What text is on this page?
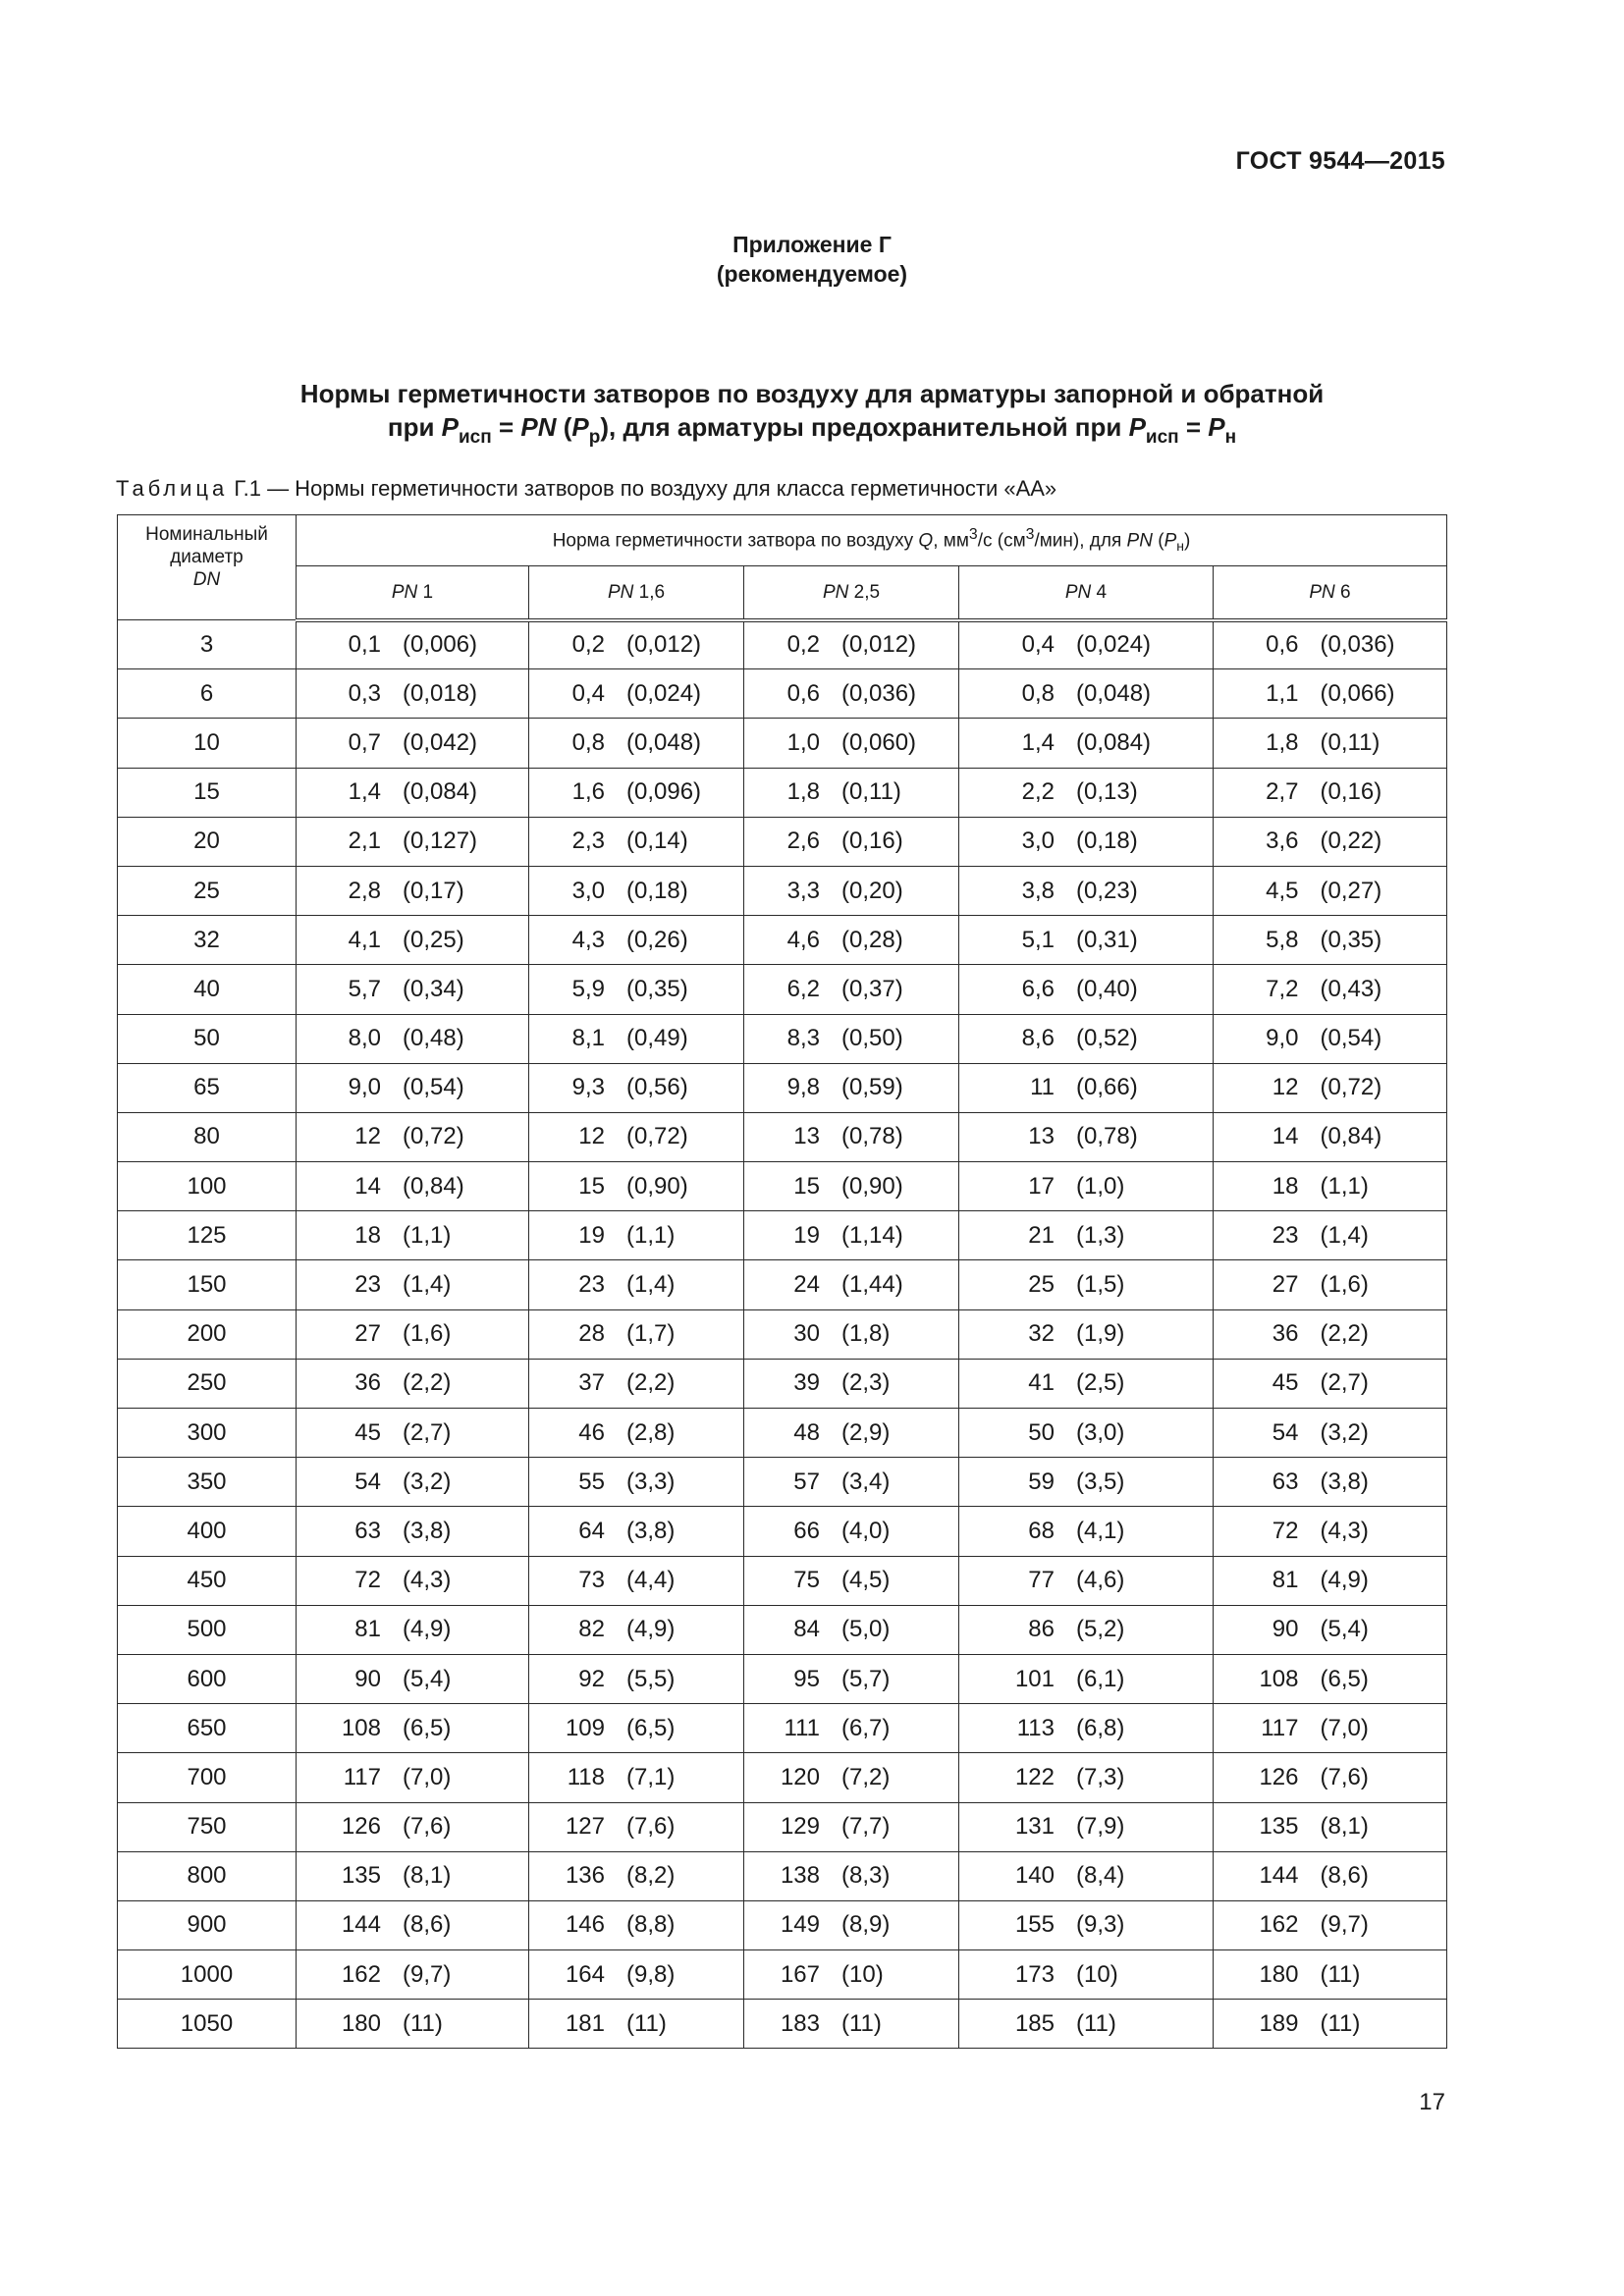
ГОСТ 9544—2015
Приложение Г
(рекомендуемое)
Нормы герметичности затворов по воздуху для арматуры запорной и обратной
при $P_{исп}$ = PN $(P_р)$, для арматуры предохранительной при $P_{исп} = P_н$
Таблица Г.1 — Нормы герметичности затворов по воздуху для класса герметичности «АА»
Номинальный
диаметр
DN	Норма герметичности затвора по воздуху Q, $мм^3/с$ $(см^3/мин)$, для PN $(P_н)$				
	PN 1	PN 1,6	PN 2,5	PN 4	PN 6
3	0,1 (0,006)	0,2 (0,012)	0,2 (0,012)	0,4 (0,024)	0,6 (0,036)

6	0,3 (0,018)	0,4 (0,024)	0,6 (0,036)	0,8 (0,048)	1,1 (0,066)

10	0,7 (0,042)	0,8 (0,048)	1,0 (0,060)	1,4 (0,084)	1,8 (0,11)

15	1,4 (0,084)	1,6 (0,096)	1,8 (0,11)	2,2 (0,13)	2,7 (0,16)

20	2,1 (0,127)	2,3 (0,14)	2,6 (0,16)	3,0 (0,18)	3,6 (0,22)

25	2,8 (0,17)	3,0 (0,18)	3,3 (0,20)	3,8 (0,23)	4,5 (0,27)

32	4,1 (0,25)	4,3 (0,26)	4,6 (0,28)	5,1 (0,31)	5,8 (0,35)

40	5,7 (0,34)	5,9 (0,35)	6,2 (0,37)	6,6 (0,40)	7,2 (0,43)

50	8,0 (0,48)	8,1 (0,49)	8,3 (0,50)	8,6 (0,52)	9,0 (0,54)

65	9,0 (0,54)	9,3 (0,56)	9,8 (0,59)	11 (0,66)	12 (0,72)

80	12 (0,72)	12 (0,72)	13 (0,78)	13 (0,78)	14 (0,84)

100	14 (0,84)	15 (0,90)	15 (0,90)	17 (1,0)	18 (1,1)

125	18 (1,1)	19 (1,1)	19 (1,14)	21 (1,3)	23 (1,4)

150	23 (1,4)	23 (1,4)	24 (1,44)	25 (1,5)	27 (1,6)

200	27 (1,6)	28 (1,7)	30 (1,8)	32 (1,9)	36 (2,2)

250	36 (2,2)	37 (2,2)	39 (2,3)	41 (2,5)	45 (2,7)

300	45 (2,7)	46 (2,8)	48 (2,9)	50 (3,0)	54 (3,2)

350	54 (3,2)	55 (3,3)	57 (3,4)	59 (3,5)	63 (3,8)

400	63 (3,8)	64 (3,8)	66 (4,0)	68 (4,1)	72 (4,3)

450	72 (4,3)	73 (4,4)	75 (4,5)	77 (4,6)	81 (4,9)

500	81 (4,9)	82 (4,9)	84 (5,0)	86 (5,2)	90 (5,4)

600	90 (5,4)	92 (5,5)	95 (5,7)	101 (6,1)	108 (6,5)

650	108 (6,5)	109 (6,5)	111 (6,7)	113 (6,8)	117 (7,0)

700	117 (7,0)	118 (7,1)	120 (7,2)	122 (7,3)	126 (7,6)

750	126 (7,6)	127 (7,6)	129 (7,7)	131 (7,9)	135 (8,1)

800	135 (8,1)	136 (8,2)	138 (8,3)	140 (8,4)	144 (8,6)

900	144 (8,6)	146 (8,8)	149 (8,9)	155 (9,3)	162 (9,7)

1000	162 (9,7)	164 (9,8)	167 (10)	173 (10)	180 (11)

1050	180 (11)	181 (11)	183 (11)	185 (11)	189 (11)
17
